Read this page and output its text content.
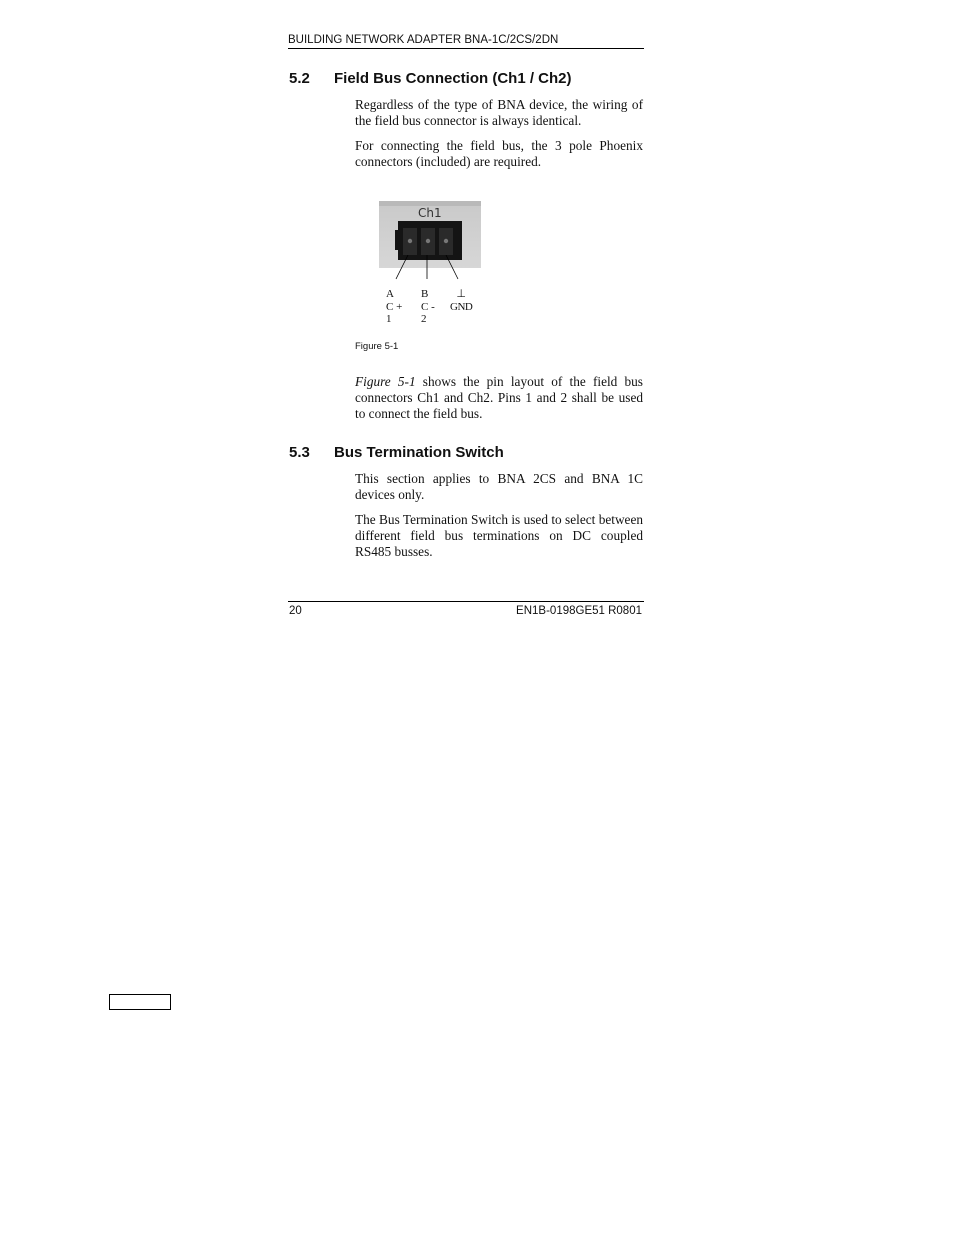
BUILDING NETWORK ADAPTER BNA-1C/2CS/2DN
5.2 Field Bus Connection (Ch1 / Ch2)

Regardless of the type of BNA device, the wiring of the field bus connector is always identical.

For connecting the field bus, the 3 pole Phoenix connectors (included) are required.

Ch1
A
C +
1
B
C -
2
⊥
GND
Figure 5-1

Figure 5-1 shows the pin layout of the field bus connectors Ch1 and Ch2. Pins 1 and 2 shall be used to connect the field bus.

5.3 Bus Termination Switch

This section applies to BNA 2CS and BNA 1C devices only.

The Bus Termination Switch is used to select between different field bus terminations on DC coupled RS485 busses.

20	EN1B-0198GE51 R0801
